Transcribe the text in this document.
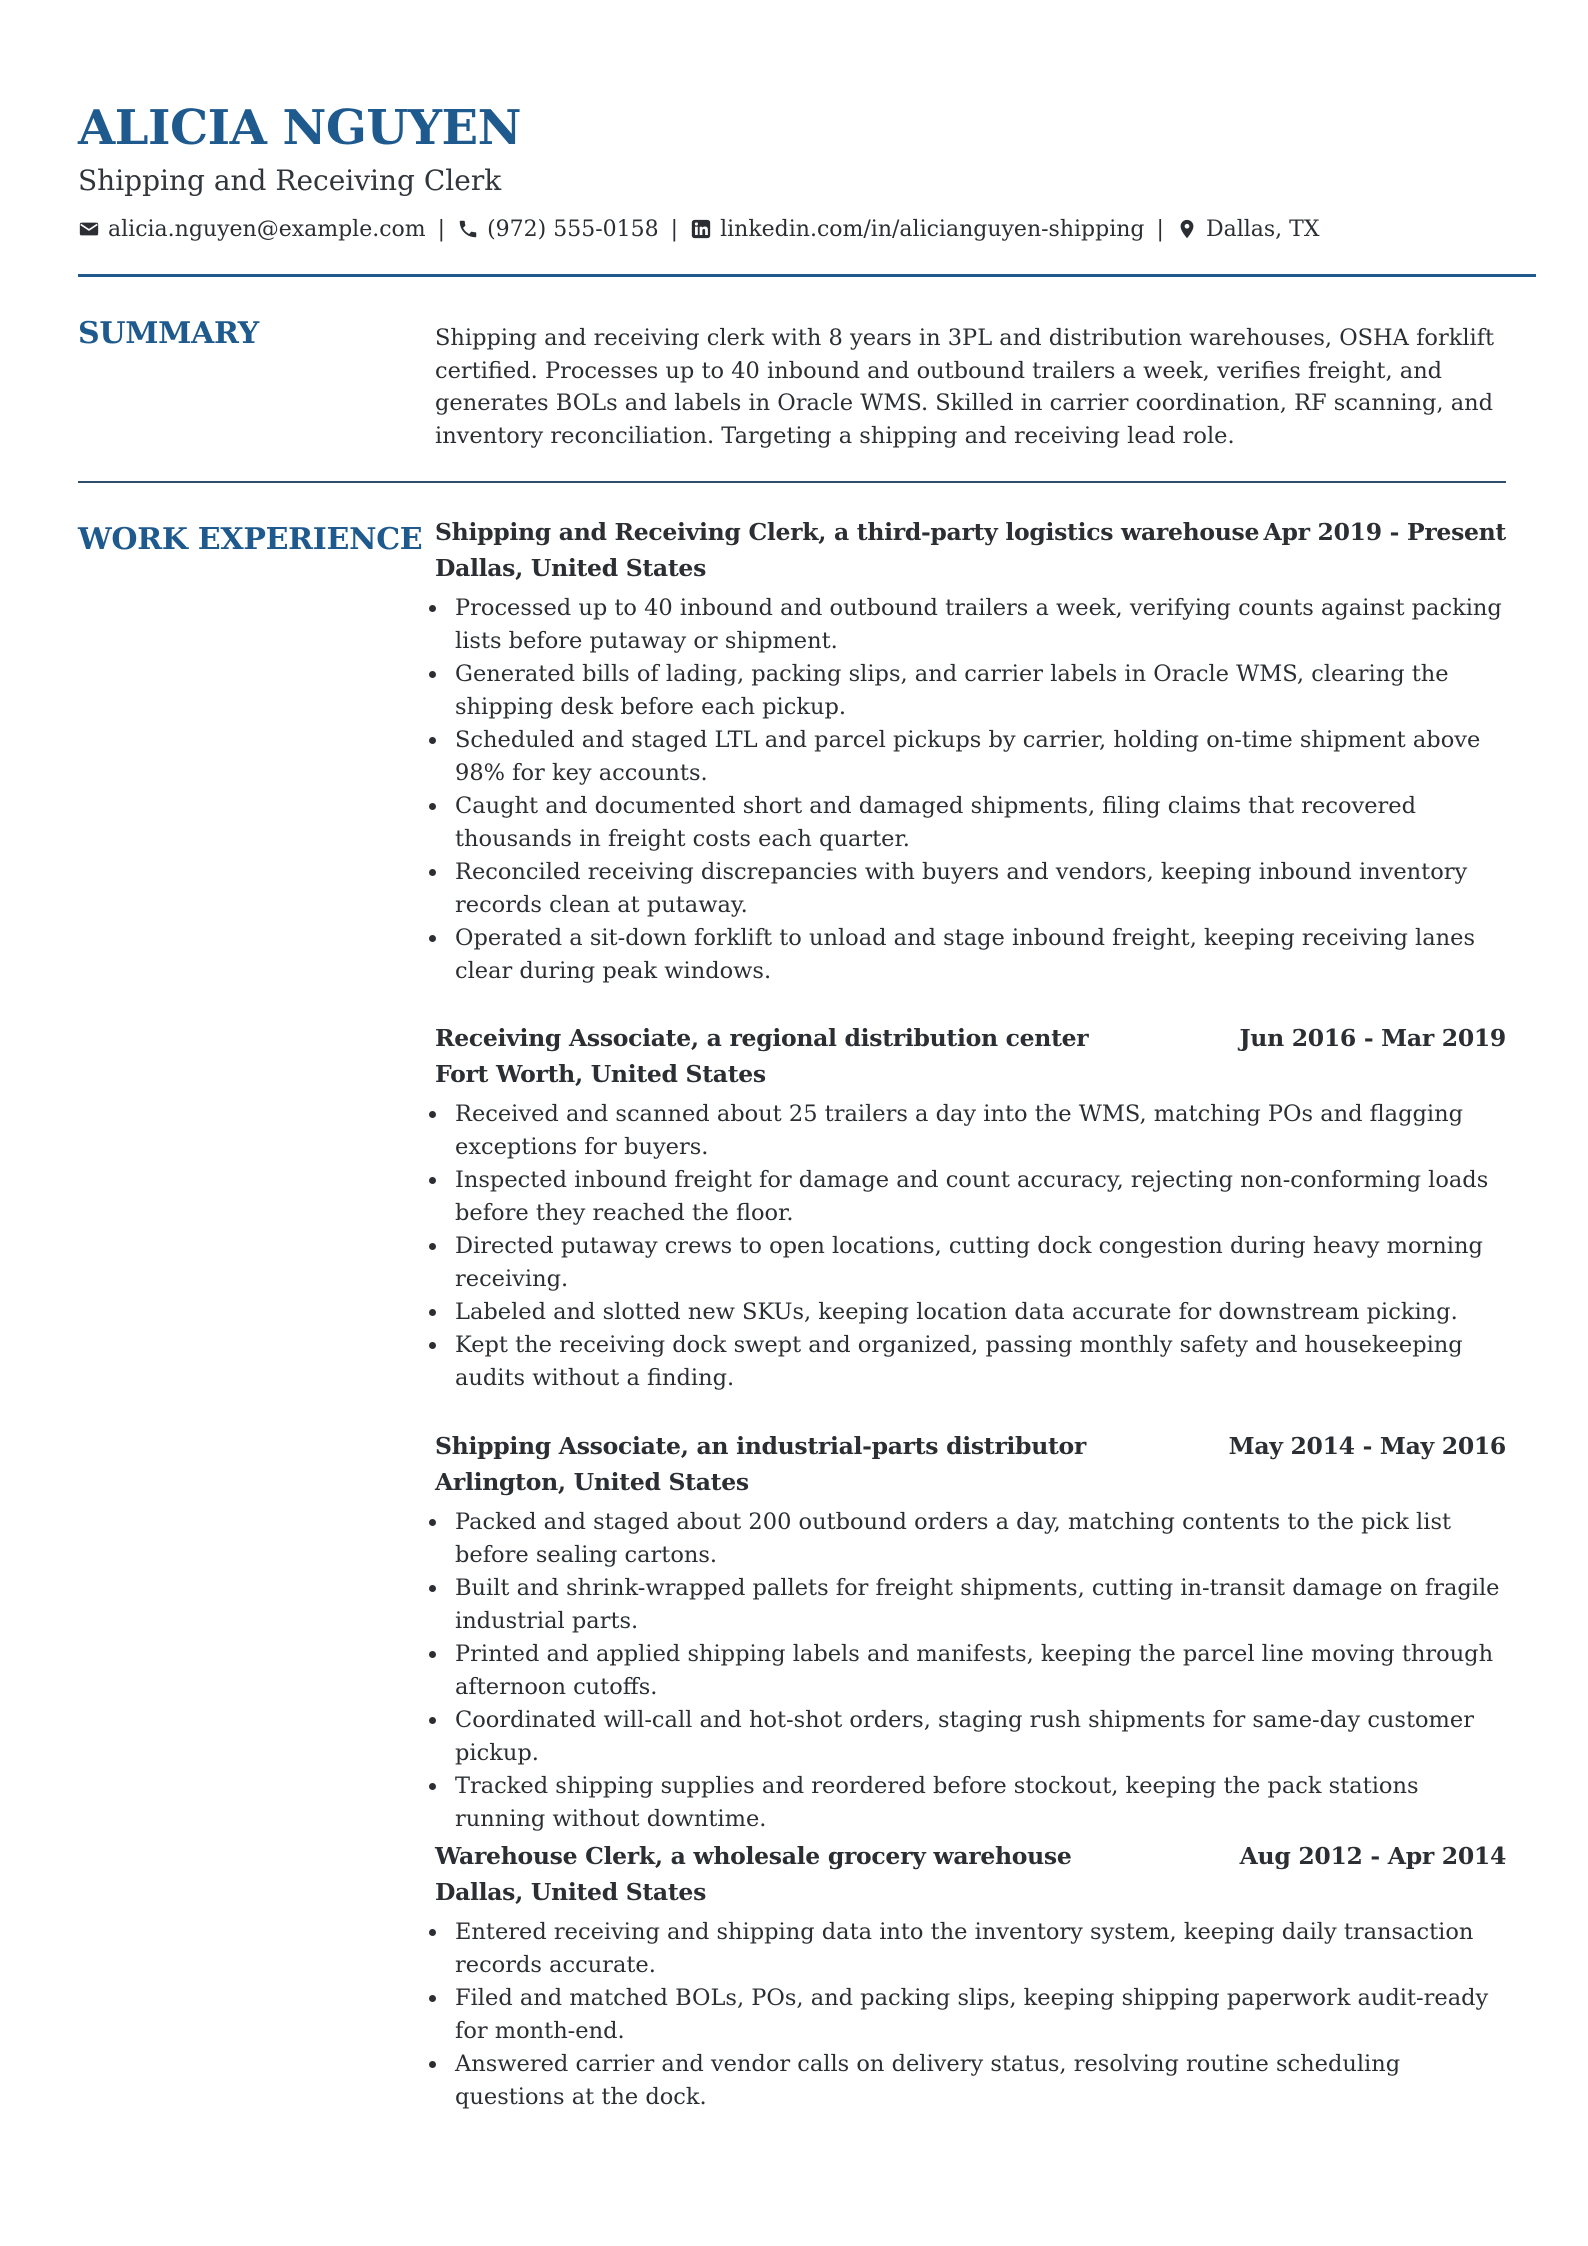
ALICIA NGUYEN
Shipping and Receiving Clerk
alicia.nguyen@example.com | (972) 555-0158 | linkedin.com/in/alicianguyen-shipping | Dallas, TX
SUMMARY	Shipping and receiving clerk with 8 years in 3PL and distribution warehouses, OSHA forklift certified. Processes up to 40 inbound and outbound trailers a week, verifies freight, and generates BOLs and labels in Oracle WMS. Skilled in carrier coordination, RF scanning, and inventory reconciliation. Targeting a shipping and receiving lead role.
WORK EXPERIENCE Shipping and Receiving Clerk, a third-party logistics warehouse Apr 2019 - Present
Dallas, United States
Processed up to 40 inbound and outbound trailers a week, verifying counts against packing lists before putaway or shipment.
Generated bills of lading, packing slips, and carrier labels in Oracle WMS, clearing the shipping desk before each pickup.
Scheduled and staged LTL and parcel pickups by carrier, holding on-time shipment above 98% for key accounts.
Caught and documented short and damaged shipments, filing claims that recovered thousands in freight costs each quarter.
Reconciled receiving discrepancies with buyers and vendors, keeping inbound inventory records clean at putaway.
Operated a sit-down forklift to unload and stage inbound freight, keeping receiving lanes clear during peak windows.
Receiving Associate, a regional distribution center	Jun 2016 - Mar 2019
Fort Worth, United States
Received and scanned about 25 trailers a day into the WMS, matching POs and flagging exceptions for buyers.
Inspected inbound freight for damage and count accuracy, rejecting non-conforming loads before they reached the floor.
Directed putaway crews to open locations, cutting dock congestion during heavy morning receiving.
Labeled and slotted new SKUs, keeping location data accurate for downstream picking.
Kept the receiving dock swept and organized, passing monthly safety and housekeeping audits without a finding.
Shipping Associate, an industrial-parts distributor	May 2014 - May 2016
Arlington, United States
Packed and staged about 200 outbound orders a day, matching contents to the pick list before sealing cartons.
Built and shrink-wrapped pallets for freight shipments, cutting in-transit damage on fragile industrial parts.
Printed and applied shipping labels and manifests, keeping the parcel line moving through afternoon cutoffs.
Coordinated will-call and hot-shot orders, staging rush shipments for same-day customer pickup.
Tracked shipping supplies and reordered before stockout, keeping the pack stations running without downtime.
Warehouse Clerk, a wholesale grocery warehouse	Aug 2012 - Apr 2014
Dallas, United States
Entered receiving and shipping data into the inventory system, keeping daily transaction records accurate.
Filed and matched BOLs, POs, and packing slips, keeping shipping paperwork audit-ready for month-end.
Answered carrier and vendor calls on delivery status, resolving routine scheduling questions at the dock.
